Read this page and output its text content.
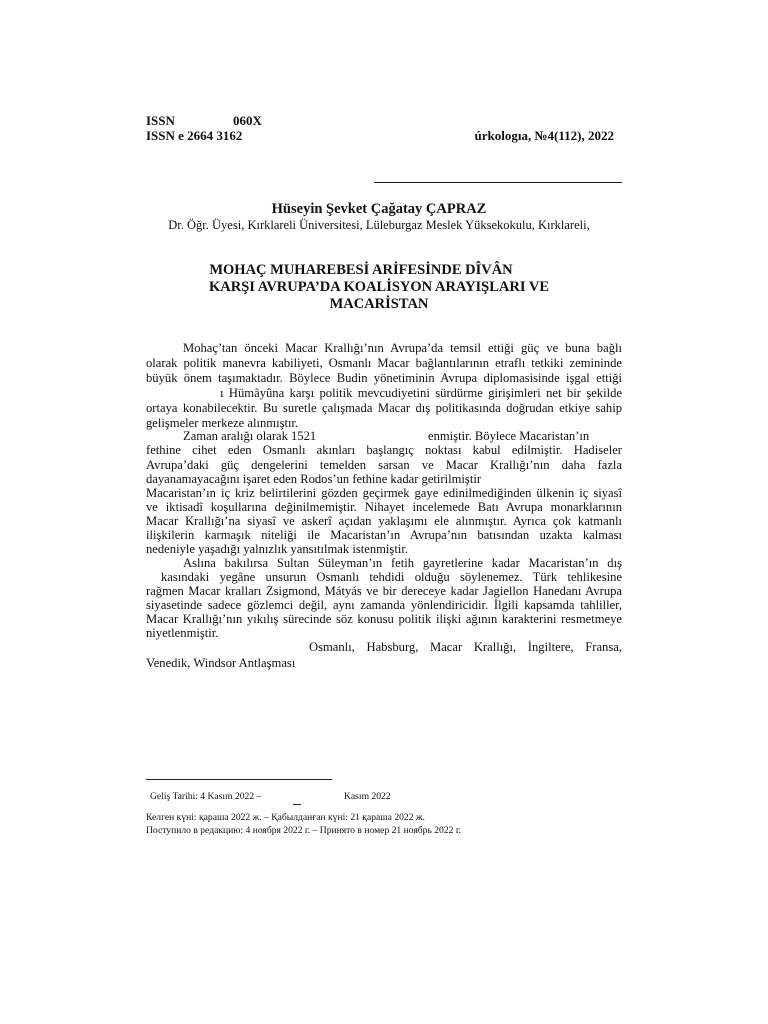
ISSN	060X
ISSN e 2664 3162	úrkologıa, №4(112), 2022
Hüseyin Şevket Çağatay ÇAPRAZ
Dr. Öğr. Üyesi, Kırklareli Üniversitesi, Lüleburgaz Meslek Yüksekokulu, Kırklareli,
MOHAÇ MUHAREBESİ ARİFESİNDE DÎVÂN
KARŞI AVRUPA’DA KOALİSYON ARAYIŞLARI VE
MACARİSTAN
Mohaç’tan önceki Macar Krallığı’nın Avrupa’da temsil ettiği güç ve buna bağlı
olarak politik manevra kabiliyeti, Osmanlı Macar bağlantılarının etraflı tetkiki zemininde
büyük önem taşımaktadır. Böylece Budin yönetiminin Avrupa diplomasisinde işgal ettiği
ı Hümâyûna karşı politik mevcudiyetini sürdürme girişimleri net bir şekilde
ortaya konabilecektir. Bu suretle çalışmada Macar dış politikasında doğrudan etkiye sahip
gelişmeler merkeze alınmıştır.
Zaman aralığı olarak 1521	enmiştir. Böylece Macaristan’ın
fethine cihet eden Osmanlı akınları başlangıç noktası kabul edilmiştir. Hadiseler
Avrupa’daki güç dengelerini temelden sarsan ve Macar Krallığı’nın daha fazla
dayanamayacağını işaret eden Rodos’un fethine kadar getirilmiştir
Macaristan’ın iç kriz belirtilerini gözden geçirmek gaye edinilmediğinden ülkenin iç siyasî
ve iktisadî koşullarına değinilmemiştir. Nihayet incelemede Batı Avrupa monarklarının
Macar Krallığı’na siyasî ve askerî açıdan yaklaşımı ele alınmıştır. Ayrıca çok katmanlı
ilişkilerin karmaşık niteliği ile Macaristan’ın Avrupa’nın batısından uzakta kalması
nedeniyle yaşadığı yalnızlık yansıtılmak istenmiştir.
Aslına bakılırsa Sultan Süleyman’ın fetih gayretlerine kadar Macaristan’ın dış
kasındaki yegâne unsurun Osmanlı tehdidi olduğu söylenemez. Türk tehlikesine
rağmen Macar kralları Zsigmond, Mátyás ve bir dereceye kadar Jagiellon Hanedanı Avrupa
siyasetinde sadece gözlemci değil, aynı zamanda yönlendiricidir. İlgili kapsamda tahliller,
Macar Krallığı’nın yıkılış sürecinde söz konusu politik ilişki ağının karakterini resmetmeye
niyetlenmiştir.
Osmanlı, Habsburg, Macar Krallığı, İngiltere, Fransa,
Venedik, Windsor Antlaşması
Geliş Tarihi: 4 Kasım 2022 –	Kasım 2022
Келген күні: қараша 2022 ж. – Қабылданған күні: 21 қараша 2022 ж.
Поступило в редакцию: 4 ноября 2022 г. – Принято в номер 21 ноябрь 2022 г.
